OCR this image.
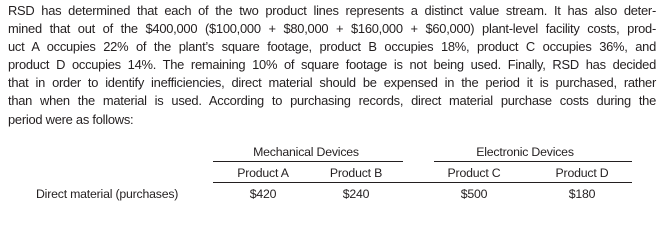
RSD has determined that each of the two product lines represents a distinct value stream. It has also deter-
mined that out of the $400,000 ($100,000 + $80,000 + $160,000 + $60,000) plant-level facility costs, prod-
uct A occupies 22% of the plant’s square footage, product B occupies 18%, product C occupies 36%, and
product D occupies 14%. The remaining 10% of square footage is not being used. Finally, RSD has decided
that in order to identify inefficiencies, direct material should be expensed in the period it is purchased, rather
than when the material is used. According to purchasing records, direct material purchase costs during the
period were as follows:
Mechanical Devices	Electronic Devices
Product A	Product B	Product C	Product D
Direct material (purchases)	$420	$240	$500	$180
